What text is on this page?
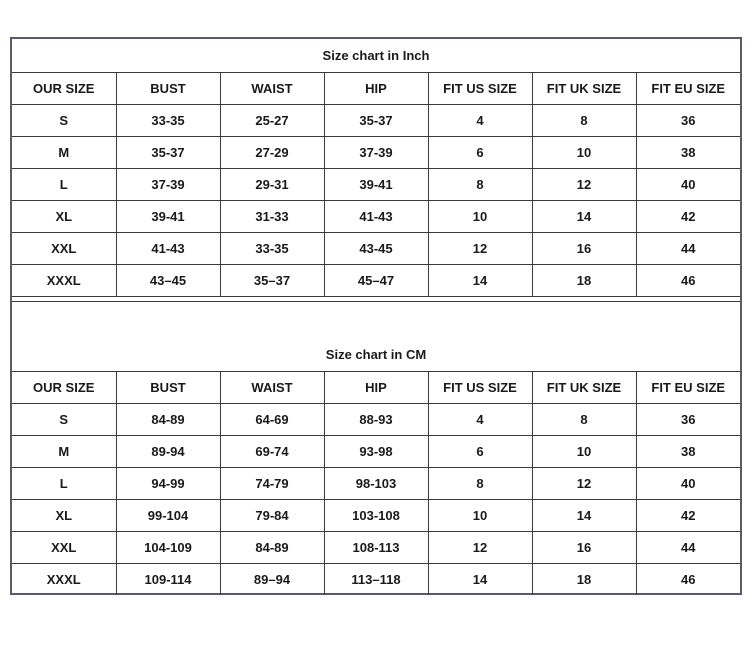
Size chart in Inch						
OUR SIZE	BUST	WAIST	HIP	FIT US SIZE	FIT UK SIZE	FIT EU SIZE
S	33-35	25-27	35-37	4	8	36
M	35-37	27-29	37-39	6	10	38
L	37-39	29-31	39-41	8	12	40
XL	39-41	31-33	41-43	10	14	42
XXL	41-43	33-35	43-45	12	16	44
XXXL	43–45	35–37	45–47	14	18	46
Size chart in CM						
OUR SIZE	BUST	WAIST	HIP	FIT US SIZE	FIT UK SIZE	FIT EU SIZE
S	84-89	64-69	88-93	4	8	36
M	89-94	69-74	93-98	6	10	38
L	94-99	74-79	98-103	8	12	40
XL	99-104	79-84	103-108	10	14	42
XXL	104-109	84-89	108-113	12	16	44
XXXL	109-114	89–94	113–118	14	18	46
